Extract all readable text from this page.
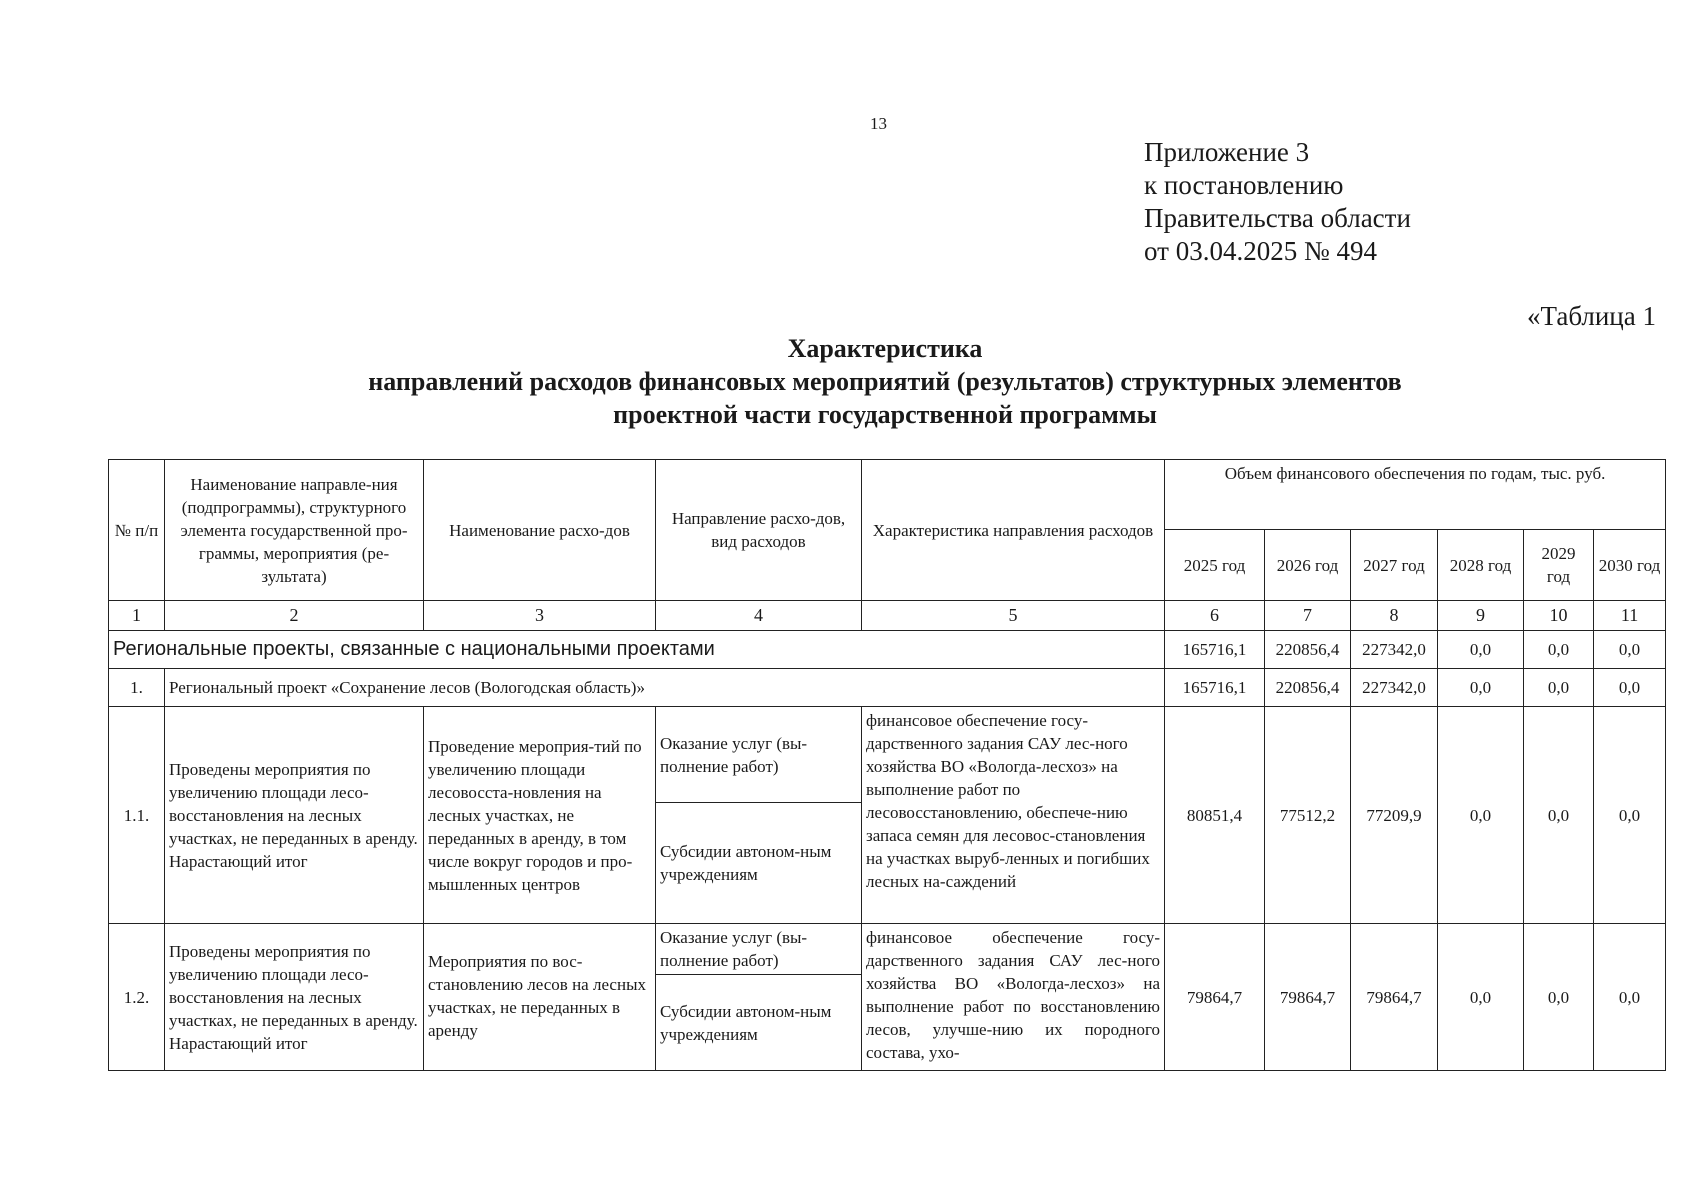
13
Приложение 3
к постановлению
Правительства области
от 03.04.2025 № 494
«Таблица 1
Характеристика
направлений расходов финансовых мероприятий (результатов) структурных элементов
проектной части государственной программы
№ п/п	Наименование направле-ния (подпрограммы), структурного элемента государственной про-граммы, мероприятия (ре-зультата)	Наименование расхо-дов	Направление расхо-дов, вид расходов	Характеристика направления расходов	Объем финансового обеспечения по годам, тыс. руб.					
					2025 год	2026 год	2027 год	2028 год	2029 год	2030 год
1	2	3	4	5	6	7	8	9	10	11
Региональные проекты, связанные с национальными проектами					165716,1	220856,4	227342,0	0,0	0,0	0,0
1.	Региональный проект «Сохранение лесов (Вологодская область)»				165716,1	220856,4	227342,0	0,0	0,0	0,0
1.1.	Проведены мероприятия по увеличению площади лесо-восстановления на лесных участках, не переданных в аренду. Нарастающий итог	Проведение мероприя-тий по увеличению площади лесовосста-новления на лесных участках, не переданных в аренду, в том числе вокруг городов и про-мышленных центров	Оказание услуг (вы-полнение работ)	финансовое обеспечение госу-дарственного задания САУ лес-ного хозяйства ВО «Вологда-лесхоз» на выполнение работ по лесовосстановлению, обеспече-нию запаса семян для лесовос-становления на участках выруб-ленных и погибших лесных на-саждений	80851,4	77512,2	77209,9	0,0	0,0	0,0
			Субсидии автоном-ным учреждениям							
1.2.	Проведены мероприятия по увеличению площади лесо-восстановления на лесных участках, не переданных в аренду. Нарастающий итог	Мероприятия по вос-становлению лесов на лесных участках, не переданных в аренду	Оказание услуг (вы-полнение работ)	финансовое обеспечение госу-дарственного задания САУ лес-ного хозяйства ВО «Вологда-лесхоз» на выполнение работ по восстановлению лесов, улучше-нию их породного состава, ухо-	79864,7	79864,7	79864,7	0,0	0,0	0,0
			Субсидии автоном-ным учреждениям							
